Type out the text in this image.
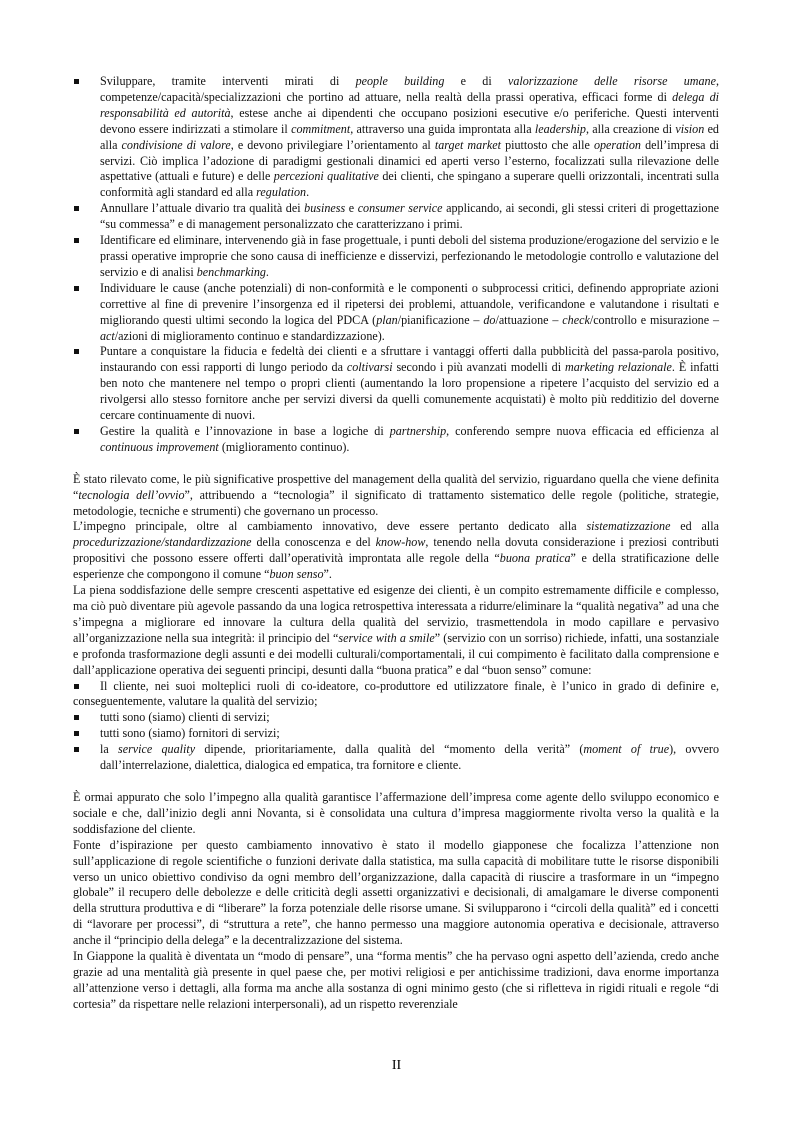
Sviluppare, tramite interventi mirati di people building e di valorizzazione delle risorse umane, competenze/capacità/specializzazioni che portino ad attuare, nella realtà della prassi operativa, efficaci forme di delega di responsabilità ed autorità, estese anche ai dipendenti che occupano posizioni esecutive e/o periferiche. Questi interventi devono essere indirizzati a stimolare il commitment, attraverso una guida improntata alla leadership, alla creazione di vision ed alla condivisione di valore, e devono privilegiare l’orientamento al target market piuttosto che alle operation dell’impresa di servizi. Ciò implica l’adozione di paradigmi gestionali dinamici ed aperti verso l’esterno, focalizzati sulla rilevazione delle aspettative (attuali e future) e delle percezioni qualitative dei clienti, che spingano a superare quelli orizzontali, incentrati sulla conformità agli standard ed alla regulation.
Annullare l’attuale divario tra qualità dei business e consumer service applicando, ai secondi, gli stessi criteri di progettazione “su commessa” e di management personalizzato che caratterizzano i primi.
Identificare ed eliminare, intervenendo già in fase progettuale, i punti deboli del sistema produzione/erogazione del servizio e le prassi operative improprie che sono causa di inefficienze e disservizi, perfezionando le metodologie controllo e valutazione del servizio e di analisi benchmarking.
Individuare le cause (anche potenziali) di non-conformità e le componenti o subprocessi critici, definendo appropriate azioni correttive al fine di prevenire l’insorgenza ed il ripetersi dei problemi, attuandole, verificandone e valutandone i risultati e migliorando questi ultimi secondo la logica del PDCA (plan/pianificazione – do/attuazione – check/controllo e misurazione – act/azioni di miglioramento continuo e standardizzazione).
Puntare a conquistare la fiducia e fedeltà dei clienti e a sfruttare i vantaggi offerti dalla pubblicità del passa-parola positivo, instaurando con essi rapporti di lungo periodo da coltivarsi secondo i più avanzati modelli di marketing relazionale. È infatti ben noto che mantenere nel tempo o propri clienti (aumentando la loro propensione a ripetere l’acquisto del servizio ed a rivolgersi allo stesso fornitore anche per servizi diversi da quelli comunemente acquistati) è molto più redditizio del doverne cercare continuamente di nuovi.
Gestire la qualità e l’innovazione in base a logiche di partnership, conferendo sempre nuova efficacia ed efficienza al continuous improvement (miglioramento continuo).

È stato rilevato come, le più significative prospettive del management della qualità del servizio, riguardano quella che viene definita “tecnologia dell’ovvio”, attribuendo a “tecnologia” il significato di trattamento sistematico delle regole (politiche, strategie, metodologie, tecniche e strumenti) che governano un processo.

L’impegno principale, oltre al cambiamento innovativo, deve essere pertanto dedicato alla sistematizzazione ed alla procedurizzazione/standardizzazione della conoscenza e del know-how, tenendo nella dovuta considerazione i preziosi contributi propositivi che possono essere offerti dall’operatività improntata alle regole della “buona pratica” e della stratificazione delle esperienze che compongono il comune “buon senso”.

La piena soddisfazione delle sempre crescenti aspettative ed esigenze dei clienti, è un compito estremamente difficile e complesso, ma ciò può diventare più agevole passando da una logica retrospettiva interessata a ridurre/eliminare la “qualità negativa” ad una che s’impegna a migliorare ed innovare la cultura della qualità del servizio, trasmettendola in modo capillare e pervasivo all’organizzazione nella sua integrità: il principio del “service with a smile” (servizio con un sorriso) richiede, infatti, una sostanziale e profonda trasformazione degli assunti e dei modelli culturali/comportamentali, il cui compimento è facilitato dalla comprensione e dall’applicazione operativa dei seguenti principi, desunti dalla “buona pratica” e dal “buon senso” comune:

Il cliente, nei suoi molteplici ruoli di co-ideatore, co-produttore ed utilizzatore finale, è l’unico in grado di definire e, conseguentemente, valutare la qualità del servizio;
tutti sono (siamo) clienti di servizi;
tutti sono (siamo) fornitori di servizi;
la service quality dipende, prioritariamente, dalla qualità del “momento della verità” (moment of true), ovvero dall’interrelazione, dialettica, dialogica ed empatica, tra fornitore e cliente.

È ormai appurato che solo l’impegno alla qualità garantisce l’affermazione dell’impresa come agente dello sviluppo economico e sociale e che, dall’inizio degli anni Novanta, si è consolidata una cultura d’impresa maggiormente rivolta verso la qualità e la soddisfazione del cliente.

Fonte d’ispirazione per questo cambiamento innovativo è stato il modello giapponese che focalizza l’attenzione non sull’applicazione di regole scientifiche o funzioni derivate dalla statistica, ma sulla capacità di mobilitare tutte le risorse disponibili verso un unico obiettivo condiviso da ogni membro dell’organizzazione, dalla capacità di riuscire a trasformare in un “impegno globale” il recupero delle debolezze e delle criticità degli assetti organizzativi e decisionali, di amalgamare le diverse componenti della struttura produttiva e di “liberare” la forza potenziale delle risorse umane. Si svilupparono i “circoli della qualità” ed i concetti di “lavorare per processi”, di “struttura a rete”, che hanno permesso una maggiore autonomia operativa e decisionale, attraverso anche il “principio della delega” e la decentralizzazione del sistema.

In Giappone la qualità è diventata un “modo di pensare”, una “forma mentis” che ha pervaso ogni aspetto dell’azienda, credo anche grazie ad una mentalità già presente in quel paese che, per motivi religiosi e per antichissime tradizioni, dava enorme importanza all’attenzione verso i dettagli, alla forma ma anche alla sostanza di ogni minimo gesto (che si rifletteva in rigidi rituali e regole “di cortesia” da rispettare nelle relazioni interpersonali), ad un rispetto reverenziale

II
